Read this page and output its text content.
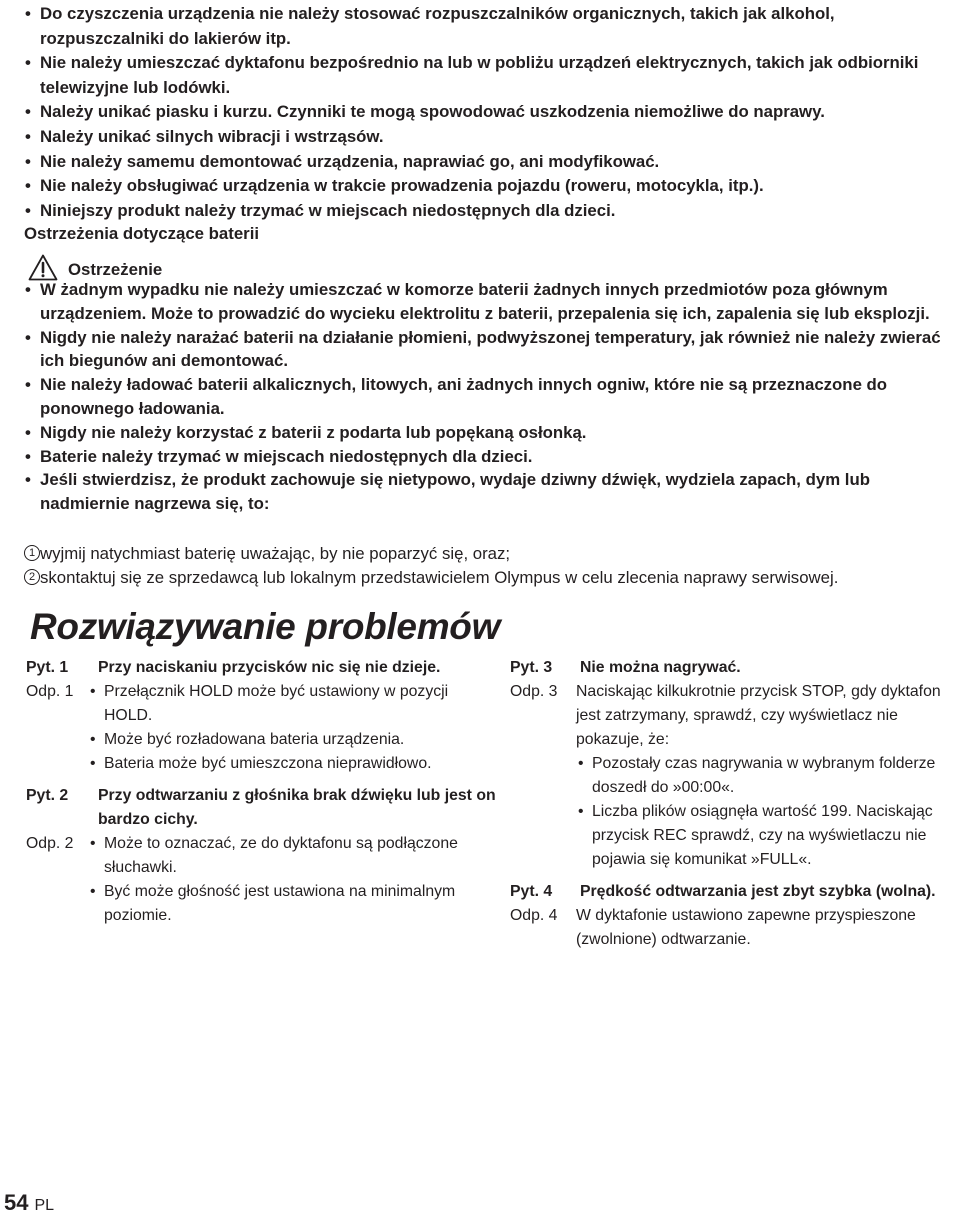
• Do czyszczenia urządzenia nie należy stosować rozpuszczalników organicznych, takich jak alkohol, rozpuszczalniki do lakierów itp.
• Nie należy umieszczać dyktafonu bezpośrednio na lub w pobliżu urządzeń elektrycznych, takich jak odbiorniki telewizyjne lub lodówki.
• Należy unikać piasku i kurzu. Czynniki te mogą spowodować uszkodzenia niemożliwe do naprawy.
• Należy unikać silnych wibracji i wstrząsów.
• Nie należy samemu demontować urządzenia, naprawiać go, ani modyfikować.
• Nie należy obsługiwać urządzenia w trakcie prowadzenia pojazdu (roweru, motocykla, itp.).
• Niniejszy produkt należy trzymać w miejscach niedostępnych dla dzieci.
Ostrzeżenia dotyczące baterii
Ostrzeżenie
• W żadnym wypadku nie należy umieszczać w komorze baterii żadnych innych przedmiotów poza głównym urządzeniem. Może to prowadzić do wycieku elektrolitu z baterii, przepalenia się ich, zapalenia się lub eksplozji.
• Nigdy nie należy narażać baterii na działanie płomieni, podwyższonej temperatury, jak również nie należy zwierać ich biegunów ani demontować.
• Nie należy ładować baterii alkalicznych, litowych, ani żadnych innych ogniw, które nie są przeznaczone do ponownego ładowania.
• Nigdy nie należy korzystać z baterii z podarta lub popękaną osłonką.
• Baterie należy trzymać w miejscach niedostępnych dla dzieci.
• Jeśli stwierdzisz, że produkt zachowuje się nietypowo, wydaje dziwny dźwięk, wydziela zapach, dym lub nadmiernie nagrzewa się, to:
1 wyjmij natychmiast baterię uważając, by nie poparzyć się, oraz;
2 skontaktuj się ze sprzedawcą lub lokalnym przedstawicielem Olympus w celu zlecenia naprawy serwisowej.
Rozwiązywanie problemów
Pyt. 1	Przy naciskaniu przycisków nic się nie dzieje.
Odp. 1	• Przełącznik HOLD może być ustawiony w pozycji HOLD.
• Może być rozładowana bateria urządzenia.
• Bateria może być umieszczona nieprawidłowo.
Pyt. 2	Przy odtwarzaniu z głośnika brak dźwięku lub jest on bardzo cichy.
Odp. 2	• Może to oznaczać, ze do dyktafonu są podłączone słuchawki.
• Być może głośność jest ustawiona na minimalnym poziomie.
Pyt. 3	Nie można nagrywać.
Odp. 3	Naciskając kilkukrotnie przycisk STOP, gdy dyktafon jest zatrzymany, sprawdź, czy wyświetlacz nie pokazuje, że:
• Pozostały czas nagrywania w wybranym folderze doszedł do »00:00«.
• Liczba plików osiągnęła wartość 199. Naciskając przycisk REC sprawdź, czy na wyświetlaczu nie pojawia się komunikat »FULL«.
Pyt. 4	Prędkość odtwarzania jest zbyt szybka (wolna).
Odp. 4	W dyktafonie ustawiono zapewne przyspieszone (zwolnione) odtwarzanie.
54 PL
